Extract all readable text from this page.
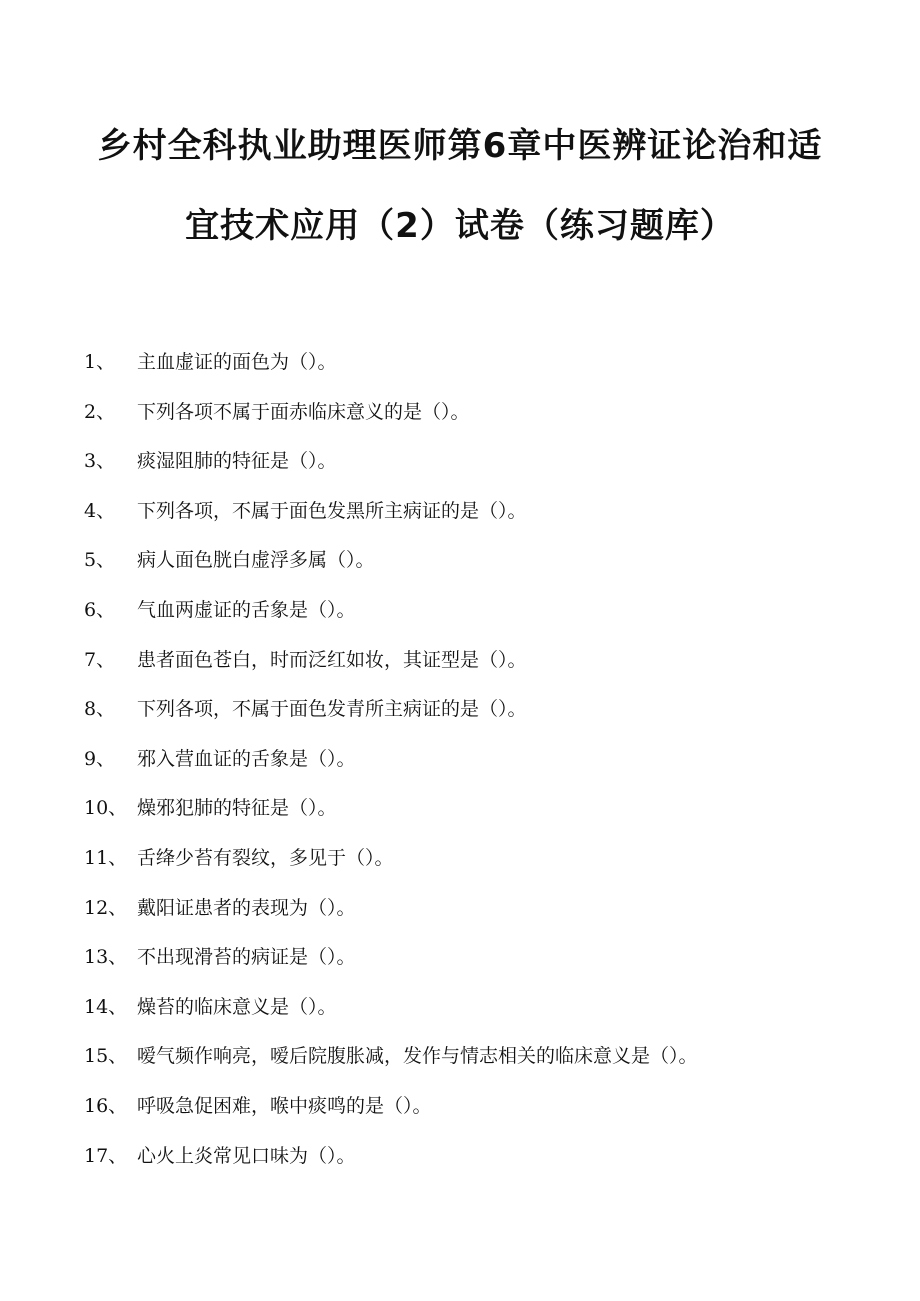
乡村全科执业助理医师第6章中医辨证论治和适
宜技术应用（2）试卷（练习题库）
1、	主血虚证的面色为（）。
2、	下列各项不属于面赤临床意义的是（）。
3、	痰湿阻肺的特征是（）。
4、	下列各项，不属于面色发黑所主病证的是（）。
5、	病人面色胱白虚浮多属（）。
6、	气血两虚证的舌象是（）。
7、	患者面色苍白，时而泛红如妆，其证型是（）。
8、	下列各项，不属于面色发青所主病证的是（）。
9、	邪入营血证的舌象是（）。
10、 燥邪犯肺的特征是（）。
11、 舌绛少苔有裂纹，多见于（）。
12、 戴阳证患者的表现为（）。
13、 不出现滑苔的病证是（）。
14、 燥苔的临床意义是（）。
15、 嗳气频作响亮，嗳后院腹胀减，发作与情志相关的临床意义是（）。
16、 呼吸急促困难，喉中痰鸣的是（）。
17、 心火上炎常见口味为（）。
